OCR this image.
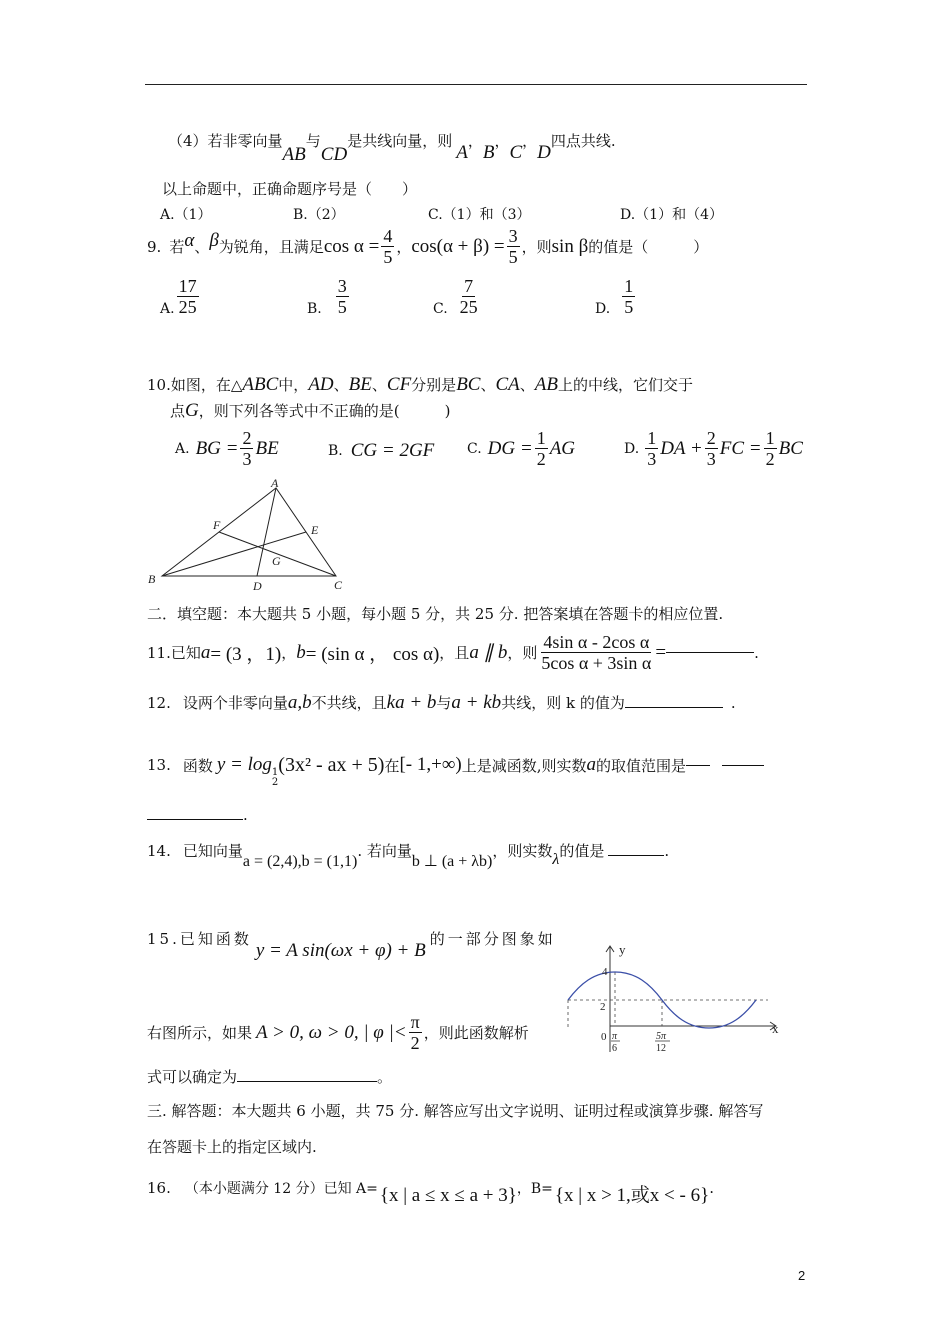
（4）若非零向量AB与CD是共线向量，则A，B，C，D四点共线.
以上命题中，正确命题序号是（　　）
A.（1）	B.（2）	C.（1）和（3）	D.（1）和（4）
9. 若 α 、 β 为锐角，且满足 $\cos \alpha = \frac{4}{5}$ ， $\cos(\alpha + \beta) = \frac{3}{5}$ ，则 sin β 的值是（　　　）
A. $\frac{17}{25}$	B. $\frac{3}{5}$	C. $\frac{7}{25}$	D. $\frac{1}{5}$
10.如图，在△ABC中，AD、BE、CF分别是BC、CA、AB上的中线，它们交于
点G，则下列各等式中不正确的是(　　　)
A. BG = $\frac{2}{3}$ BE	B. CG = 2GF C. DG = $\frac{1}{2}$ AG	D. $\frac{1}{3}$ DA + $\frac{2}{3}$ FC = $\frac{1}{2}$ BC
A
B	C
D
E
F
G
二．填空题：本大题共 5 小题，每小题 5 分，共 25 分. 把答案填在答题卡的相应位置.
11. 已知 a = (3 ，1) ， b = (sin α ， cos α) ，且 a ∥ b ，则 $\frac{\text{4sin α - 2cos α}}{\text{5cos α + 3sin α}}$ =	.
12. 设两个非零向量 a,b 不共线，且 ka + b 与 a + kb 共线，则 k 的值为	.
13. 函数 y = log 1
2
(3x² - ax + 5) 在 [- 1,+∞) 上是减函数,则实数 a 的取值范围是
.
14. 已知向量
a = (2,4),b = (1,1)
. 若向量
b ⊥ (a + λb)
，则实数 λ 的值是	.
15.已知函数y = A sin(ωx + φ) + B的一部分图象如
右图所示，如果 A > 0, ω > 0, | φ |< $\frac{\pi}{2}$ ，则此函数解析
式可以确定为	。
y
x
4
2
0 π
6
5π
12
三. 解答题：本大题共 6 小题，共 75 分. 解答应写出文字说明、证明过程或演算步骤. 解答写
在答题卡上的指定区域内.
16. （本小题满分 12 分）已知 A= {x | a ≤ x ≤ a + 3} ，B= {x | x > 1,或x < - 6} .
2
